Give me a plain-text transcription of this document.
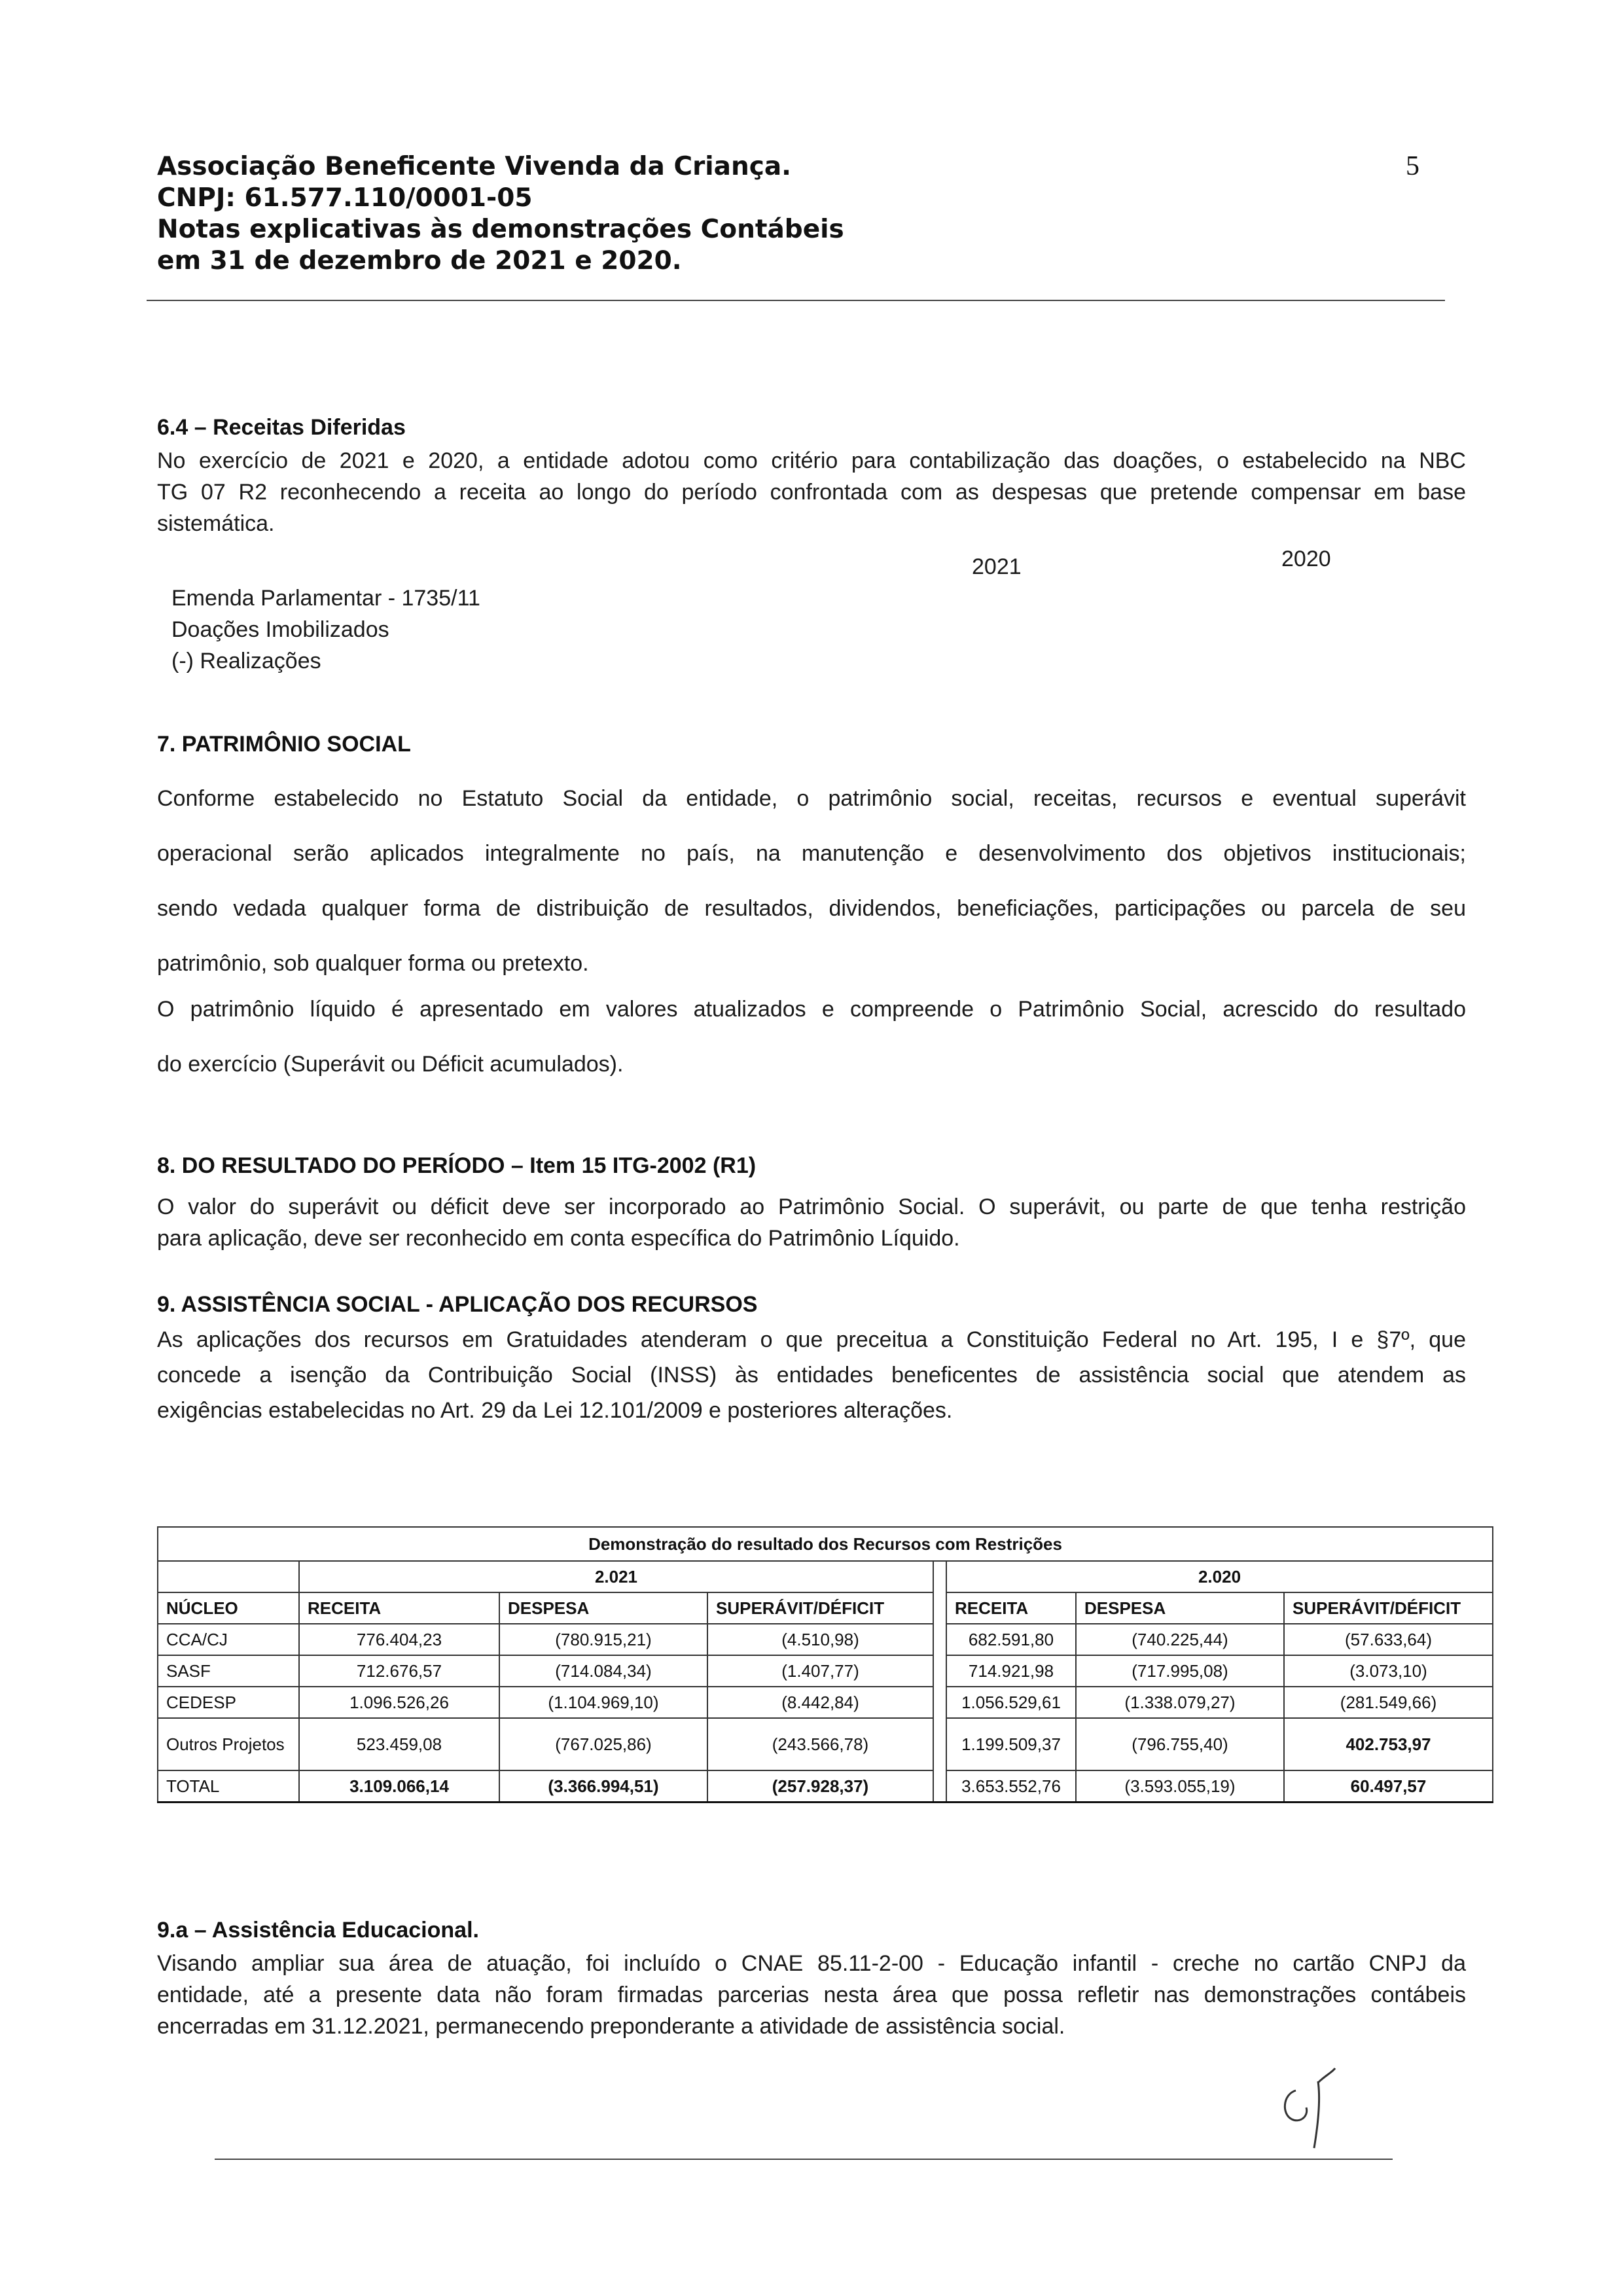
Associação Beneficente Vivenda da Criança.
CNPJ: 61.577.110/0001-05
Notas explicativas às demonstrações Contábeis
em 31 de dezembro de 2021 e 2020.
5
6.4 – Receitas Diferidas
No exercício de 2021 e 2020, a entidade adotou como critério para contabilização das doações, o estabelecido na NBC
TG 07 R2 reconhecendo a receita ao longo do período confrontada com as despesas que pretende compensar em base
sistemática.
2021	2020
Emenda Parlamentar - 1735/11
Doações Imobilizados
(-) Realizações
7. PATRIMÔNIO SOCIAL
Conforme estabelecido no Estatuto Social da entidade, o patrimônio social, receitas, recursos e eventual superávit
operacional serão aplicados integralmente no país, na manutenção e desenvolvimento dos objetivos institucionais;
sendo vedada qualquer forma de distribuição de resultados, dividendos, beneficiações, participações ou parcela de seu
patrimônio, sob qualquer forma ou pretexto.
O patrimônio líquido é apresentado em valores atualizados e compreende o Patrimônio Social, acrescido do resultado
do exercício (Superávit ou Déficit acumulados).
8. DO RESULTADO DO PERÍODO – Item 15 ITG-2002 (R1)
O valor do superávit ou déficit deve ser incorporado ao Patrimônio Social. O superávit, ou parte de que tenha restrição
para aplicação, deve ser reconhecido em conta específica do Patrimônio Líquido.
9. ASSISTÊNCIA SOCIAL - APLICAÇÃO DOS RECURSOS
As aplicações dos recursos em Gratuidades atenderam o que preceitua a Constituição Federal no Art. 195, I e §7º, que
concede a isenção da Contribuição Social (INSS) às entidades beneficentes de assistência social que atendem as
exigências estabelecidas no Art. 29 da Lei 12.101/2009 e posteriores alterações.
Demonstração do resultado dos Recursos com Restrições							
	2.021				2.020		
NÚCLEO	RECEITA	DESPESA	SUPERÁVIT/DÉFICIT		RECEITA	DESPESA	SUPERÁVIT/DÉFICIT
CCA/CJ	776.404,23	(780.915,21)	(4.510,98)		682.591,80	(740.225,44)	(57.633,64)
SASF	712.676,57	(714.084,34)	(1.407,77)		714.921,98	(717.995,08)	(3.073,10)
CEDESP	1.096.526,26	(1.104.969,10)	(8.442,84)		1.056.529,61	(1.338.079,27)	(281.549,66)
Outros Projetos	523.459,08	(767.025,86)	(243.566,78)		1.199.509,37	(796.755,40)	402.753,97
TOTAL	3.109.066,14	(3.366.994,51)	(257.928,37)		3.653.552,76	(3.593.055,19)	60.497,57
9.a – Assistência Educacional.
Visando ampliar sua área de atuação, foi incluído o CNAE 85.11-2-00 - Educação infantil - creche no cartão CNPJ da
entidade, até a presente data não foram firmadas parcerias nesta área que possa refletir nas demonstrações contábeis
encerradas em 31.12.2021, permanecendo preponderante a atividade de assistência social.
